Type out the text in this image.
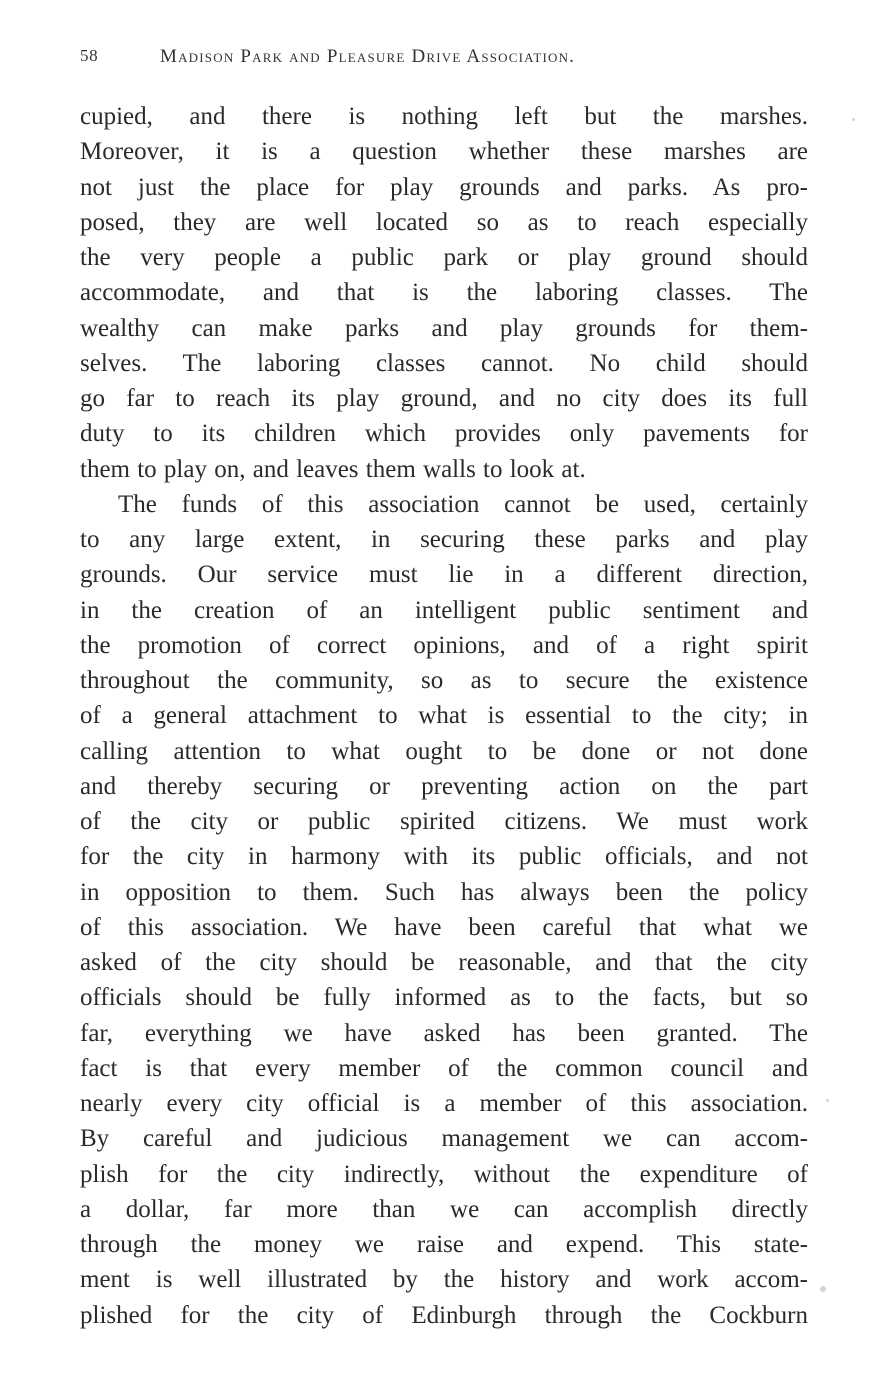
58	Madison Park and Pleasure Drive Association.
cupied, and there is nothing left but the marshes.
Moreover, it is a question whether these marshes are
not just the place for play grounds and parks. As pro-
posed, they are well located so as to reach especially
the very people a public park or play ground should
accommodate, and that is the laboring classes. The
wealthy can make parks and play grounds for them-
selves. The laboring classes cannot. No child should
go far to reach its play ground, and no city does its full
duty to its children which provides only pavements for
them to play on, and leaves them walls to look at.
The funds of this association cannot be used, certainly
to any large extent, in securing these parks and play
grounds. Our service must lie in a different direction,
in the creation of an intelligent public sentiment and
the promotion of correct opinions, and of a right spirit
throughout the community, so as to secure the existence
of a general attachment to what is essential to the city; in
calling attention to what ought to be done or not done
and thereby securing or preventing action on the part
of the city or public spirited citizens. We must work
for the city in harmony with its public officials, and not
in opposition to them. Such has always been the policy
of this association. We have been careful that what we
asked of the city should be reasonable, and that the city
officials should be fully informed as to the facts, but so
far, everything we have asked has been granted. The
fact is that every member of the common council and
nearly every city official is a member of this association.
By careful and judicious management we can accom-
plish for the city indirectly, without the expenditure of
a dollar, far more than we can accomplish directly
through the money we raise and expend. This state-
ment is well illustrated by the history and work accom-
plished for the city of Edinburgh through the Cockburn
